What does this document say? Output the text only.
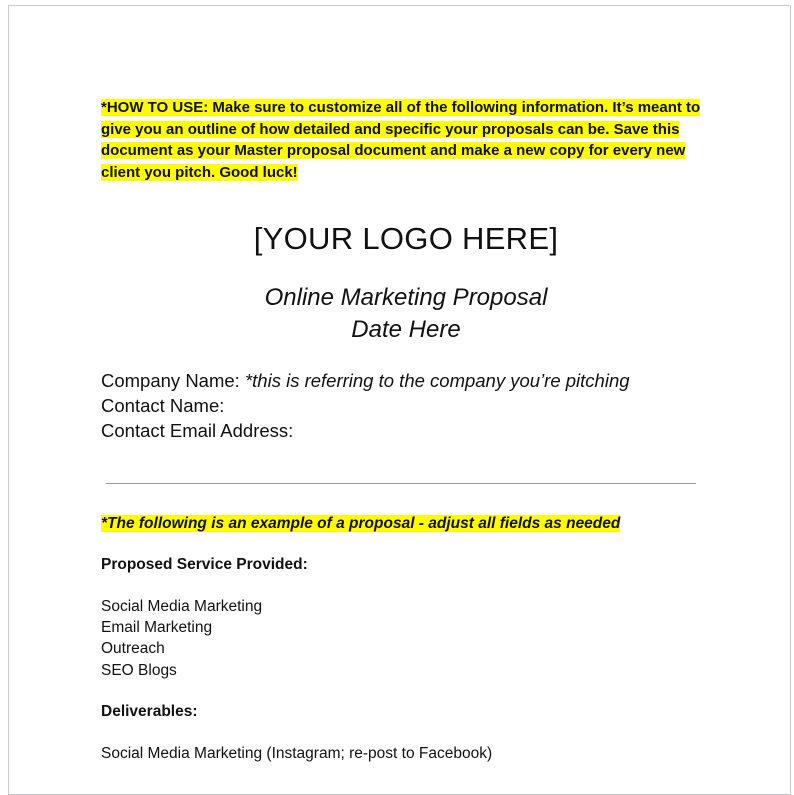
*HOW TO USE: Make sure to customize all of the following information. It’s meant to give you an outline of how detailed and specific your proposals can be. Save this document as your Master proposal document and make a new copy for every new client you pitch. Good luck!

[YOUR LOGO HERE]
Online Marketing Proposal
Date Here
Company Name: *this is referring to the company you’re pitching
Contact Name:
Contact Email Address:
*The following is an example of a proposal - adjust all fields as needed
Proposed Service Provided:
Social Media Marketing
Email Marketing
Outreach
SEO Blogs
Deliverables:
Social Media Marketing (Instagram; re-post to Facebook)
